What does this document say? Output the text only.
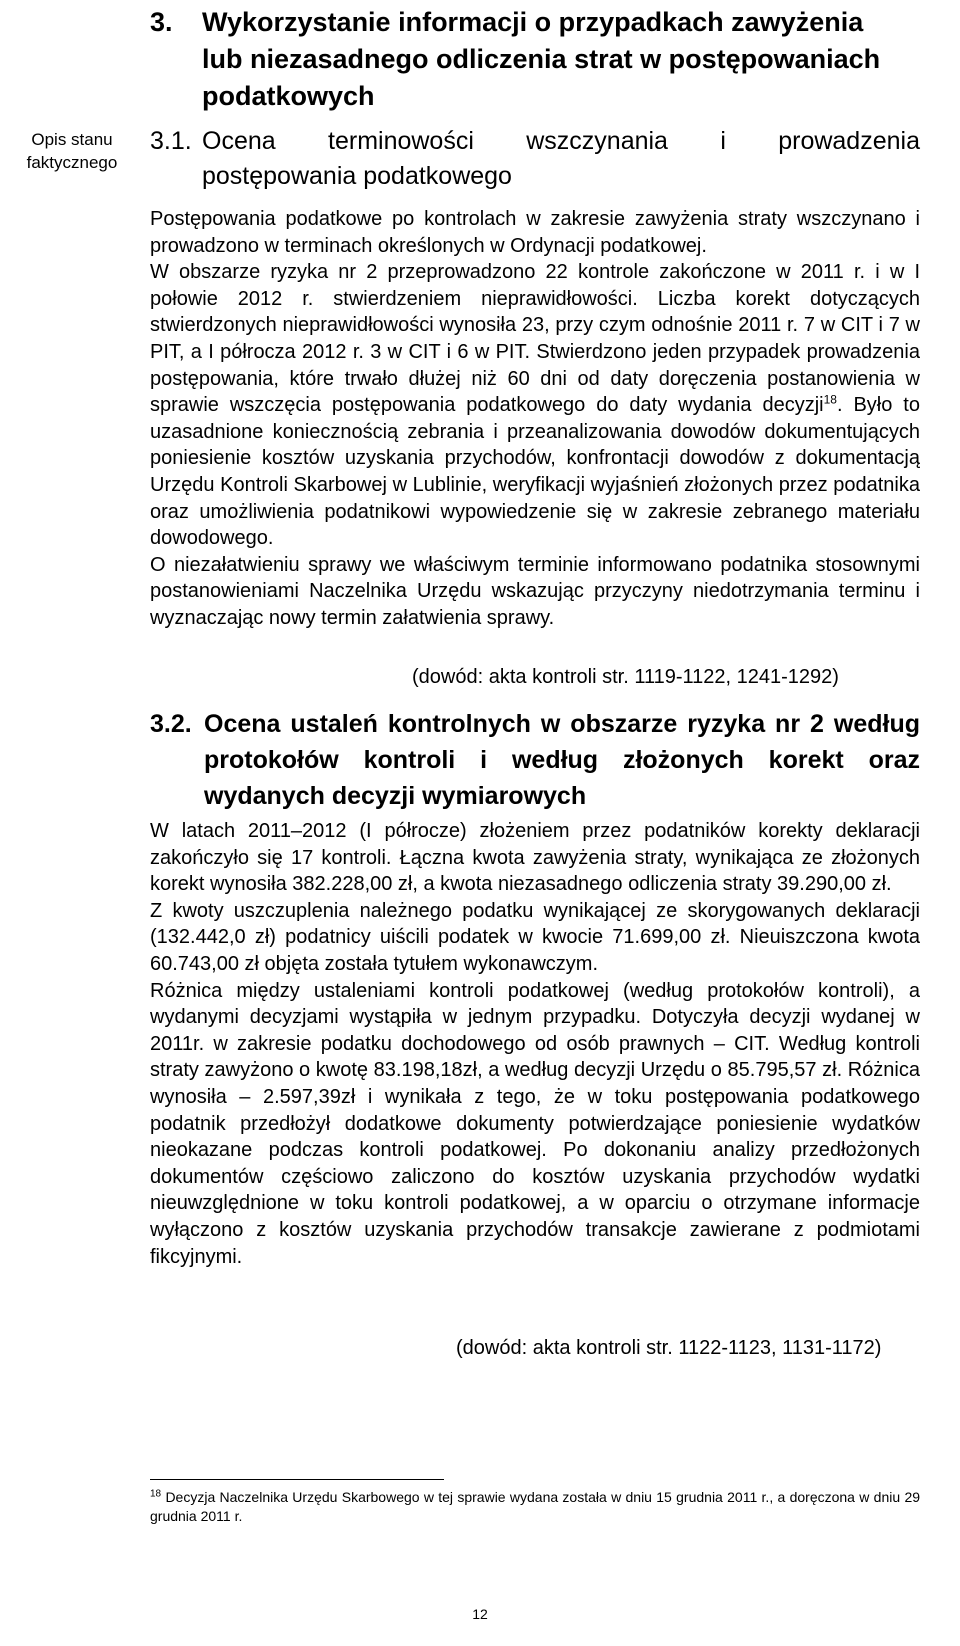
Opis stanu faktycznego
3. Wykorzystanie informacji o przypadkach zawyżenia
lub niezasadnego odliczenia strat w postępowaniach
podatkowych
3.1. Ocena terminowości wszczynania i prowadzenia
postępowania podatkowego

Postępowania podatkowe po kontrolach w zakresie zawyżenia straty wszczynano i prowadzono w terminach określonych w Ordynacji podatkowej.

W obszarze ryzyka nr 2 przeprowadzono 22 kontrole zakończone w 2011 r. i w I połowie 2012 r. stwierdzeniem nieprawidłowości. Liczba korekt dotyczących stwierdzonych nieprawidłowości wynosiła 23, przy czym odnośnie 2011 r. 7 w CIT i 7 w PIT, a I półrocza 2012 r. 3 w CIT i 6 w PIT. Stwierdzono jeden przypadek prowadzenia postępowania, które trwało dłużej niż 60 dni od daty doręczenia postanowienia w sprawie wszczęcia postępowania podatkowego do daty wydania decyzji$^{18}$. Było to uzasadnione koniecznością zebrania i przeanalizowania dowodów dokumentujących poniesienie kosztów uzyskania przychodów, konfrontacji dowodów z dokumentacją Urzędu Kontroli Skarbowej w Lublinie, weryfikacji wyjaśnień złożonych przez podatnika oraz umożliwienia podatnikowi wypowiedzenie się w zakresie zebranego materiału dowodowego.

O niezałatwieniu sprawy we właściwym terminie informowano podatnika stosownymi postanowieniami Naczelnika Urzędu wskazując przyczyny niedotrzymania terminu i wyznaczając nowy termin załatwienia sprawy.

(dowód: akta kontroli str. 1119-1122, 1241-1292)
3.2. Ocena ustaleń kontrolnych w obszarze ryzyka nr 2 według protokołów kontroli i według złożonych korekt oraz wydanych decyzji wymiarowych

W latach 2011–2012 (I półrocze) złożeniem przez podatników korekty deklaracji zakończyło się 17 kontroli. Łączna kwota zawyżenia straty, wynikająca ze złożonych korekt wynosiła 382.228,00 zł, a kwota niezasadnego odliczenia straty 39.290,00 zł.

Z kwoty uszczuplenia należnego podatku wynikającej ze skorygowanych deklaracji (132.442,0 zł) podatnicy uiścili podatek w kwocie 71.699,00 zł. Nieuiszczona kwota 60.743,00 zł objęta została tytułem wykonawczym.

Różnica między ustaleniami kontroli podatkowej (według protokołów kontroli), a wydanymi decyzjami wystąpiła w jednym przypadku. Dotyczyła decyzji wydanej w 2011r. w zakresie podatku dochodowego od osób prawnych – CIT. Według kontroli straty zawyżono o kwotę 83.198,18zł, a według decyzji Urzędu o 85.795,57 zł. Różnica wynosiła – 2.597,39zł i wynikała z tego, że w toku postępowania podatkowego podatnik przedłożył dodatkowe dokumenty potwierdzające poniesienie wydatków nieokazane podczas kontroli podatkowej. Po dokonaniu analizy przedłożonych dokumentów częściowo zaliczono do kosztów uzyskania przychodów wydatki nieuwzględnione w toku kontroli podatkowej, a w oparciu o otrzymane informacje wyłączono z kosztów uzyskania przychodów transakcje zawierane z podmiotami fikcyjnymi.

(dowód: akta kontroli str. 1122-1123, 1131-1172)
$^{18}$ Decyzja Naczelnika Urzędu Skarbowego w tej sprawie wydana została w dniu 15 grudnia 2011 r., a doręczona w dniu 29 grudnia 2011 r.
12
